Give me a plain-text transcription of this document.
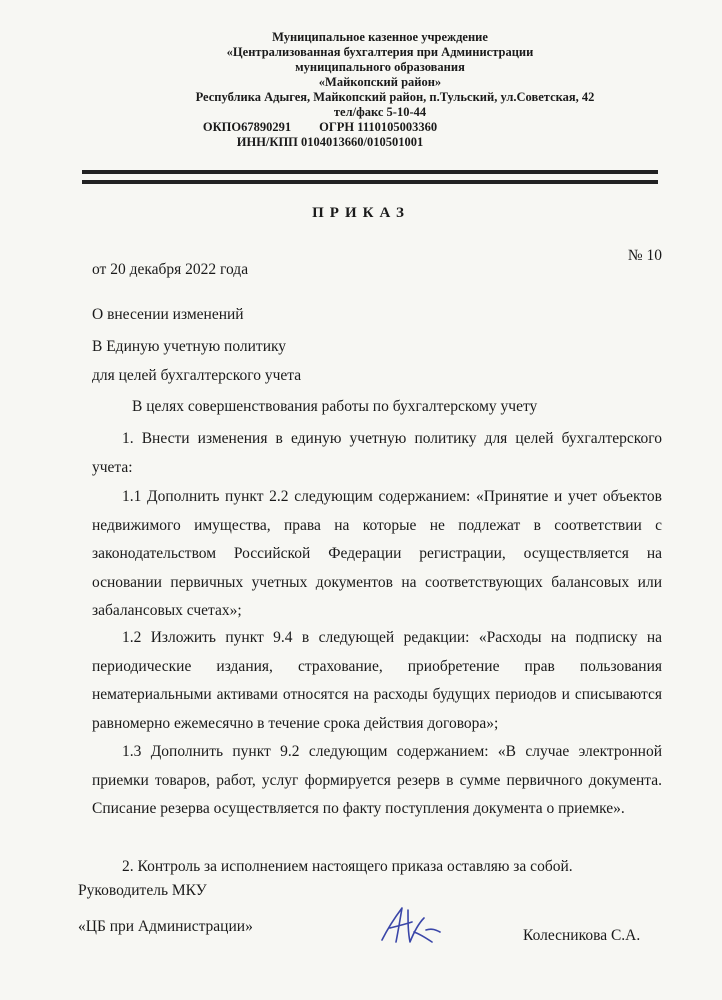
Муниципальное казенное учреждение
«Централизованная бухгалтерия при Администрации
муниципального образования
«Майкопский район»
Республика Адыгея, Майкопский район, п.Тульский, ул.Советская, 42
тел/факс 5-10-44
ОКПО67890291 ОГРН 1110105003360
ИНН/КПП 0104013660/010501001
ПРИКАЗ
№ 10
от 20 декабря 2022 года
О внесении изменений
В Единую учетную политику
для целей бухгалтерского учета
В целях совершенствования работы по бухгалтерскому учету

1. Внести изменения в единую учетную политику для целей бухгалтерского учета:

1.1 Дополнить пункт 2.2 следующим содержанием: «Принятие и учет объектов недвижимого имущества, права на которые не подлежат в соответствии с законодательством Российской Федерации регистрации, осуществляется на основании первичных учетных документов на соответствующих балансовых или забалансовых счетах»;

1.2 Изложить пункт 9.4 в следующей редакции: «Расходы на подписку на периодические издания, страхование, приобретение прав пользования нематериальными активами относятся на расходы будущих периодов и списываются равномерно ежемесячно в течение срока действия договора»;

1.3 Дополнить пункт 9.2 следующим содержанием: «В случае электронной приемки товаров, работ, услуг формируется резерв в сумме первичного документа. Списание резерва осуществляется по факту поступления документа о приемке».

2. Контроль за исполнением настоящего приказа оставляю за собой.

Руководитель МКУ
«ЦБ при Администрации»
Колесникова С.А.
